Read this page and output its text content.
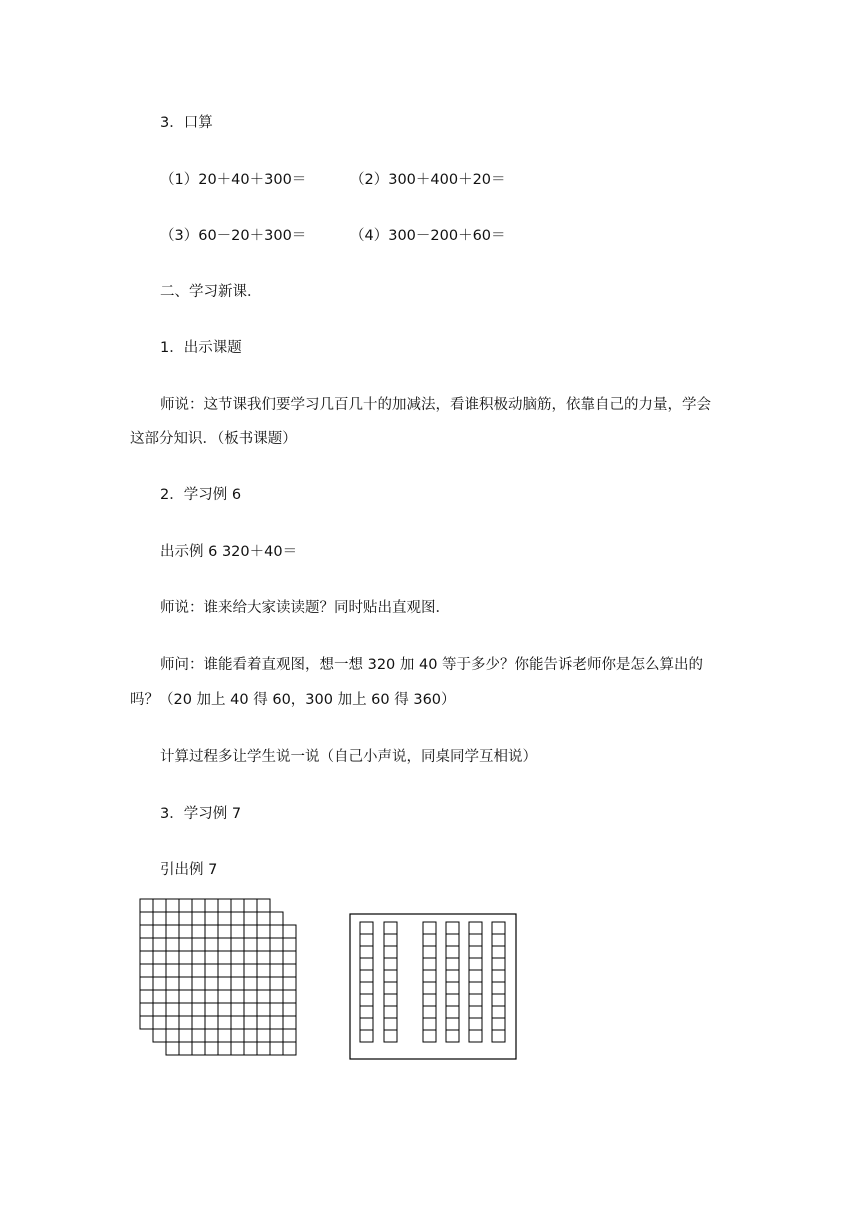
3．口算
（1）20＋40＋300＝	（2）300＋400＋20＝
（3）60－20＋300＝	（4）300－200＋60＝
二、学习新课．
1．出示课题
师说：这节课我们要学习几百几十的加减法，看谁积极动脑筋，依靠自己的力量，学会
这部分知识．（板书课题）
2．学习例 6
出示例 6 320＋40＝
师说：谁来给大家读读题？同时贴出直观图．
师问：谁能看着直观图，想一想 320 加 40 等于多少？你能告诉老师你是怎么算出的
吗？（20 加上 40 得 60，300 加上 60 得 360）
计算过程多让学生说一说（自己小声说，同桌同学互相说）
3．学习例 7
引出例 7
